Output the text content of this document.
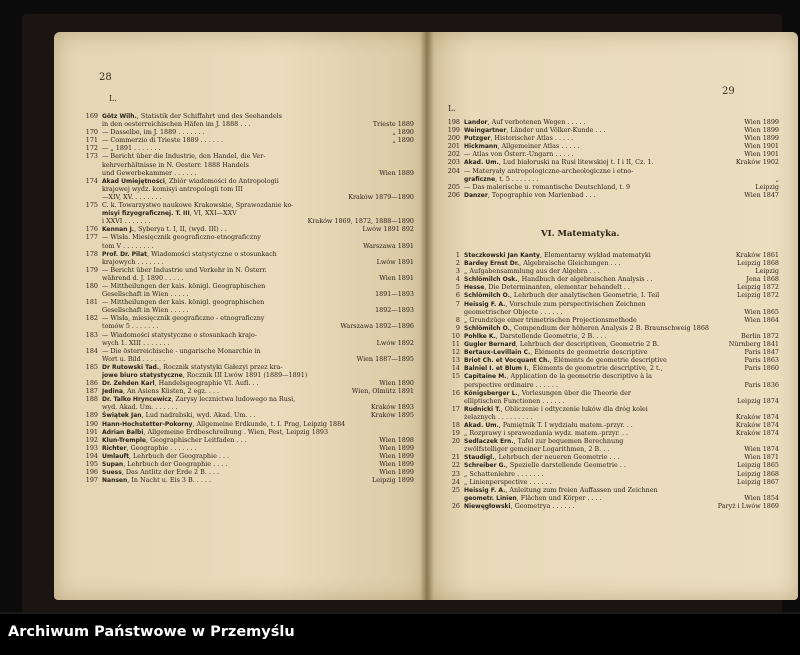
28
L.
169 Götz Wilh., Statistik der Schiffahrt und des Seehandels
in den oesterreichischen Häfen im J. 1888 . . .	Trieste 1889
170 — Dasselbe, im J. 1889 . . . . . . .	„ 1890
171 — Commerzio di Trieste 1889 . . . . . .	„ 1890
172 — „ 1891 . . . . . . .
173 — Bericht über die Industrie, den Handel, die Ver-
kehrverhältnisse in N. Oesterr. 1888 Handels
und Gewerbekammer . . . . . .	Wien 1889
174 Akad Umiejętności, Zbiór wiadomości do Antropologii
krajowej wydz. komisyi antropologii tom III
—XIV, XV. . . . . . . .	Kraków 1879—1890
175 C. k. Towarzystwo naukowe Krakowskie, Sprawozdanie ko-
misyi fizyograficznej. T. III, VI, XXI—XXV
i XXVI . . . . . . .	Kraków 1869, 1872, 1888—1890
176 Kennan J., Syberya t. I, II, (wyd. III) . .	Lwów 1891 892
177 — Wisła. Miesięcznik geograficzno-etnograficzny
tom V . . . . . . . .	Warszawa 1891
178 Prof. Dr. Pilat, Wiadomości statystyczne o stosunkach
krajowych . . . . . . .	Lwów 1891
179 — Bericht über Industrie und Verkehr in N. Österr.
während d. J. 1890 . . . . .	Wien 1891
180 — Mittheilungen der kais. königl. Geographischen
Gesellschaft in Wien . . . . .	1891—1893
181 — Mittheilungen der kais. königl. geographischen
Gesellschaft in Wien . . . . .	1892—1893
182 — Wisła, miesięcznik geograficzno - etnograficzny
tomów 5 . . . . . . .	Warszawa 1892—1896
183 — Wiadomości statystyczne o stosunkach krajo-
wych 1. XIII . . . . . . .	Lwów 1892
184 — Die österreichische - ungarische Monarchie in
Wort u. Bild . . . . . .	Wien 1887—1895
185 Dr Rutowski Tad., Rocznik statystyki Gałezyi przez kra-
jowe biuro statystyczne, Rocznik III Lwów 1891 (1889—1891)
186 Dr. Zehden Karl, Handelsgeographie VI. Aufl. . .	Wien 1890
187 Jedina, An Asiens Küsten, 2 egz. . . .	Wien, Olmütz 1891
188 Dr. Talko Hryncewicz, Zarysy lecznictwa ludowego na Rusi,
wyd. Akad. Um. . . . . . .	Kraków 1893
189 Świątek Jan, Lud nadrabski, wyd. Akad. Um. . .	Kraków 1895
190 Hann-Hochstetter-Pokorny, Allgemeine Erdkunde, t. I. Prag, Leipzig 1884
191 Adrian Balbi, Allgemeine Erdbeschreibung . Wien, Pest, Leipzig 1893
192 Klun-Tremple, Geographischer Leitfaden . . .	Wien 1898
193 Richter, Geographie . . . . . . .	Wien 1899
194 Umlauft, Lehrbuch der Geographie . . .	Wien 1899
195 Supan, Lehrbuch der Geographie . . . .	Wien 1899
196 Suess, Das Antlitz der Erde 2 B. . . .	Wien 1899
197 Nansen, In Nacht u. Eis 3 B. . . . .	Leipzig 1899
29
L.
198 Landor, Auf verbotenen Wegen . . . . .	Wien 1899
199 Weingartner, Länder und Völker-Kunde . . .	Wien 1899
200 Putzger, Historischer Atlas . . . . .	Wien 1899
201 Hickmann, Allgemeiner Atlas . . . . .	Wien 1901
202 — Atlas von Österr.-Ungarn . . . . .	Wien 1901
203 Akad. Um., Lud białoruski na Rusi litewskiej t. I i II, Cz. 1.	Kraków 1902
204 — Materyały antropologiczno-archeologiczne i etno-
graficzne, t. 5 . . . . . . .	„
205 — Das malerische u. romantische Deutschland, t. 9	Leipzig
206 Danzer, Topographie von Marienbad . . .	Wien 1847
VI. Matematyka.
1 Steczkowski Jan Kanty, Elementarny wykład matematyki	Kraków 1861
2 Bardey Ernst Dr., Algebraische Gleichungen . . .	Leipzig 1868
3 „ Aufgabensammlung aus der Algebra . . .	Leipzig
4 Schlömilch Osk., Handbuch der algebraischen Analysis . .	Jena 1868
5 Hesse, Die Determinanten, elementar behandelt . .	Leipzig 1872
6 Schlömilch O., Lehrbuch der analytischen Geometrie, I. Teil	Leipzig 1872
7 Heissig F. A., Vorschule zum perspectivischen Zeichnen
geometrischer Objecte . . . . . .	Wien 1865
8 „ Grundzüge einer trimetrischen Projectionsmethode	Wien 1864
9 Schlömilch O., Compendium der höheren Analysis 2 B. Braunschweig 1868
10 Pohlke K., Darstellende Geometrie, 2 B. . . .	Berlin 1872
11 Gugler Bernard, Lehrbuch der descriptiven, Geometrie 2 B.	Nürnberg 1841
12 Bertaux-Levillain C., Éléments de geometrie descriptive	Paris 1847
13 Briot Ch. et Vocquant Ch., Éléments de geometrie descriptive	Paris 1863
14 Balniel I. et Blum I., Éléments de geometrie descriptive, 2 t.,	Paris 1860
15 Capitaine M., Application de la geometrie descriptive à la
perspective ordinaire . . . . . .	Paris 1836
16 Königsberger L., Vorlesungen über die Theorie der
elliptischen Functionen . . . . . .	Leipzig 1874
17 Rudnicki T., Obliczenie i odtyczenie łuków dla dróg kolei
żelaznych . . . . . . . . .	Kraków 1874
18 Akad. Um., Pamiętnik T. I wydziału matem.-przyr. . .	Kraków 1874
19 „ Rozprawy i sprawozdania wydz. matem.-przyr. . .	Kraków 1874
20 Sedlaczek Ern., Tafel zur bequemen Berechnung
zwölfstelliger gemeiner Logarithmen, 2 B. . .	Wien 1874
21 Staudigl., Lehrbuch der neueren Geometrie . . .	Wien 1871
22 Schreiber G., Spezielle darstellende Geometrie . .	Leipzig 1865
23 „ Schattenlehre . . . . . . .	Leipzig 1868
24 „ Linienperspective . . . . . .	Leipzig 1867
25 Heissig F. A., Anleitung zum freien Auffassen und Zeichnen
geometr. Linien, Flächen und Körper . . . .	Wien 1854
26 Niewęgłowski, Geometrya . . . . . .	Paryż i Lwów 1869
Archiwum Państwowe w Przemyślu
